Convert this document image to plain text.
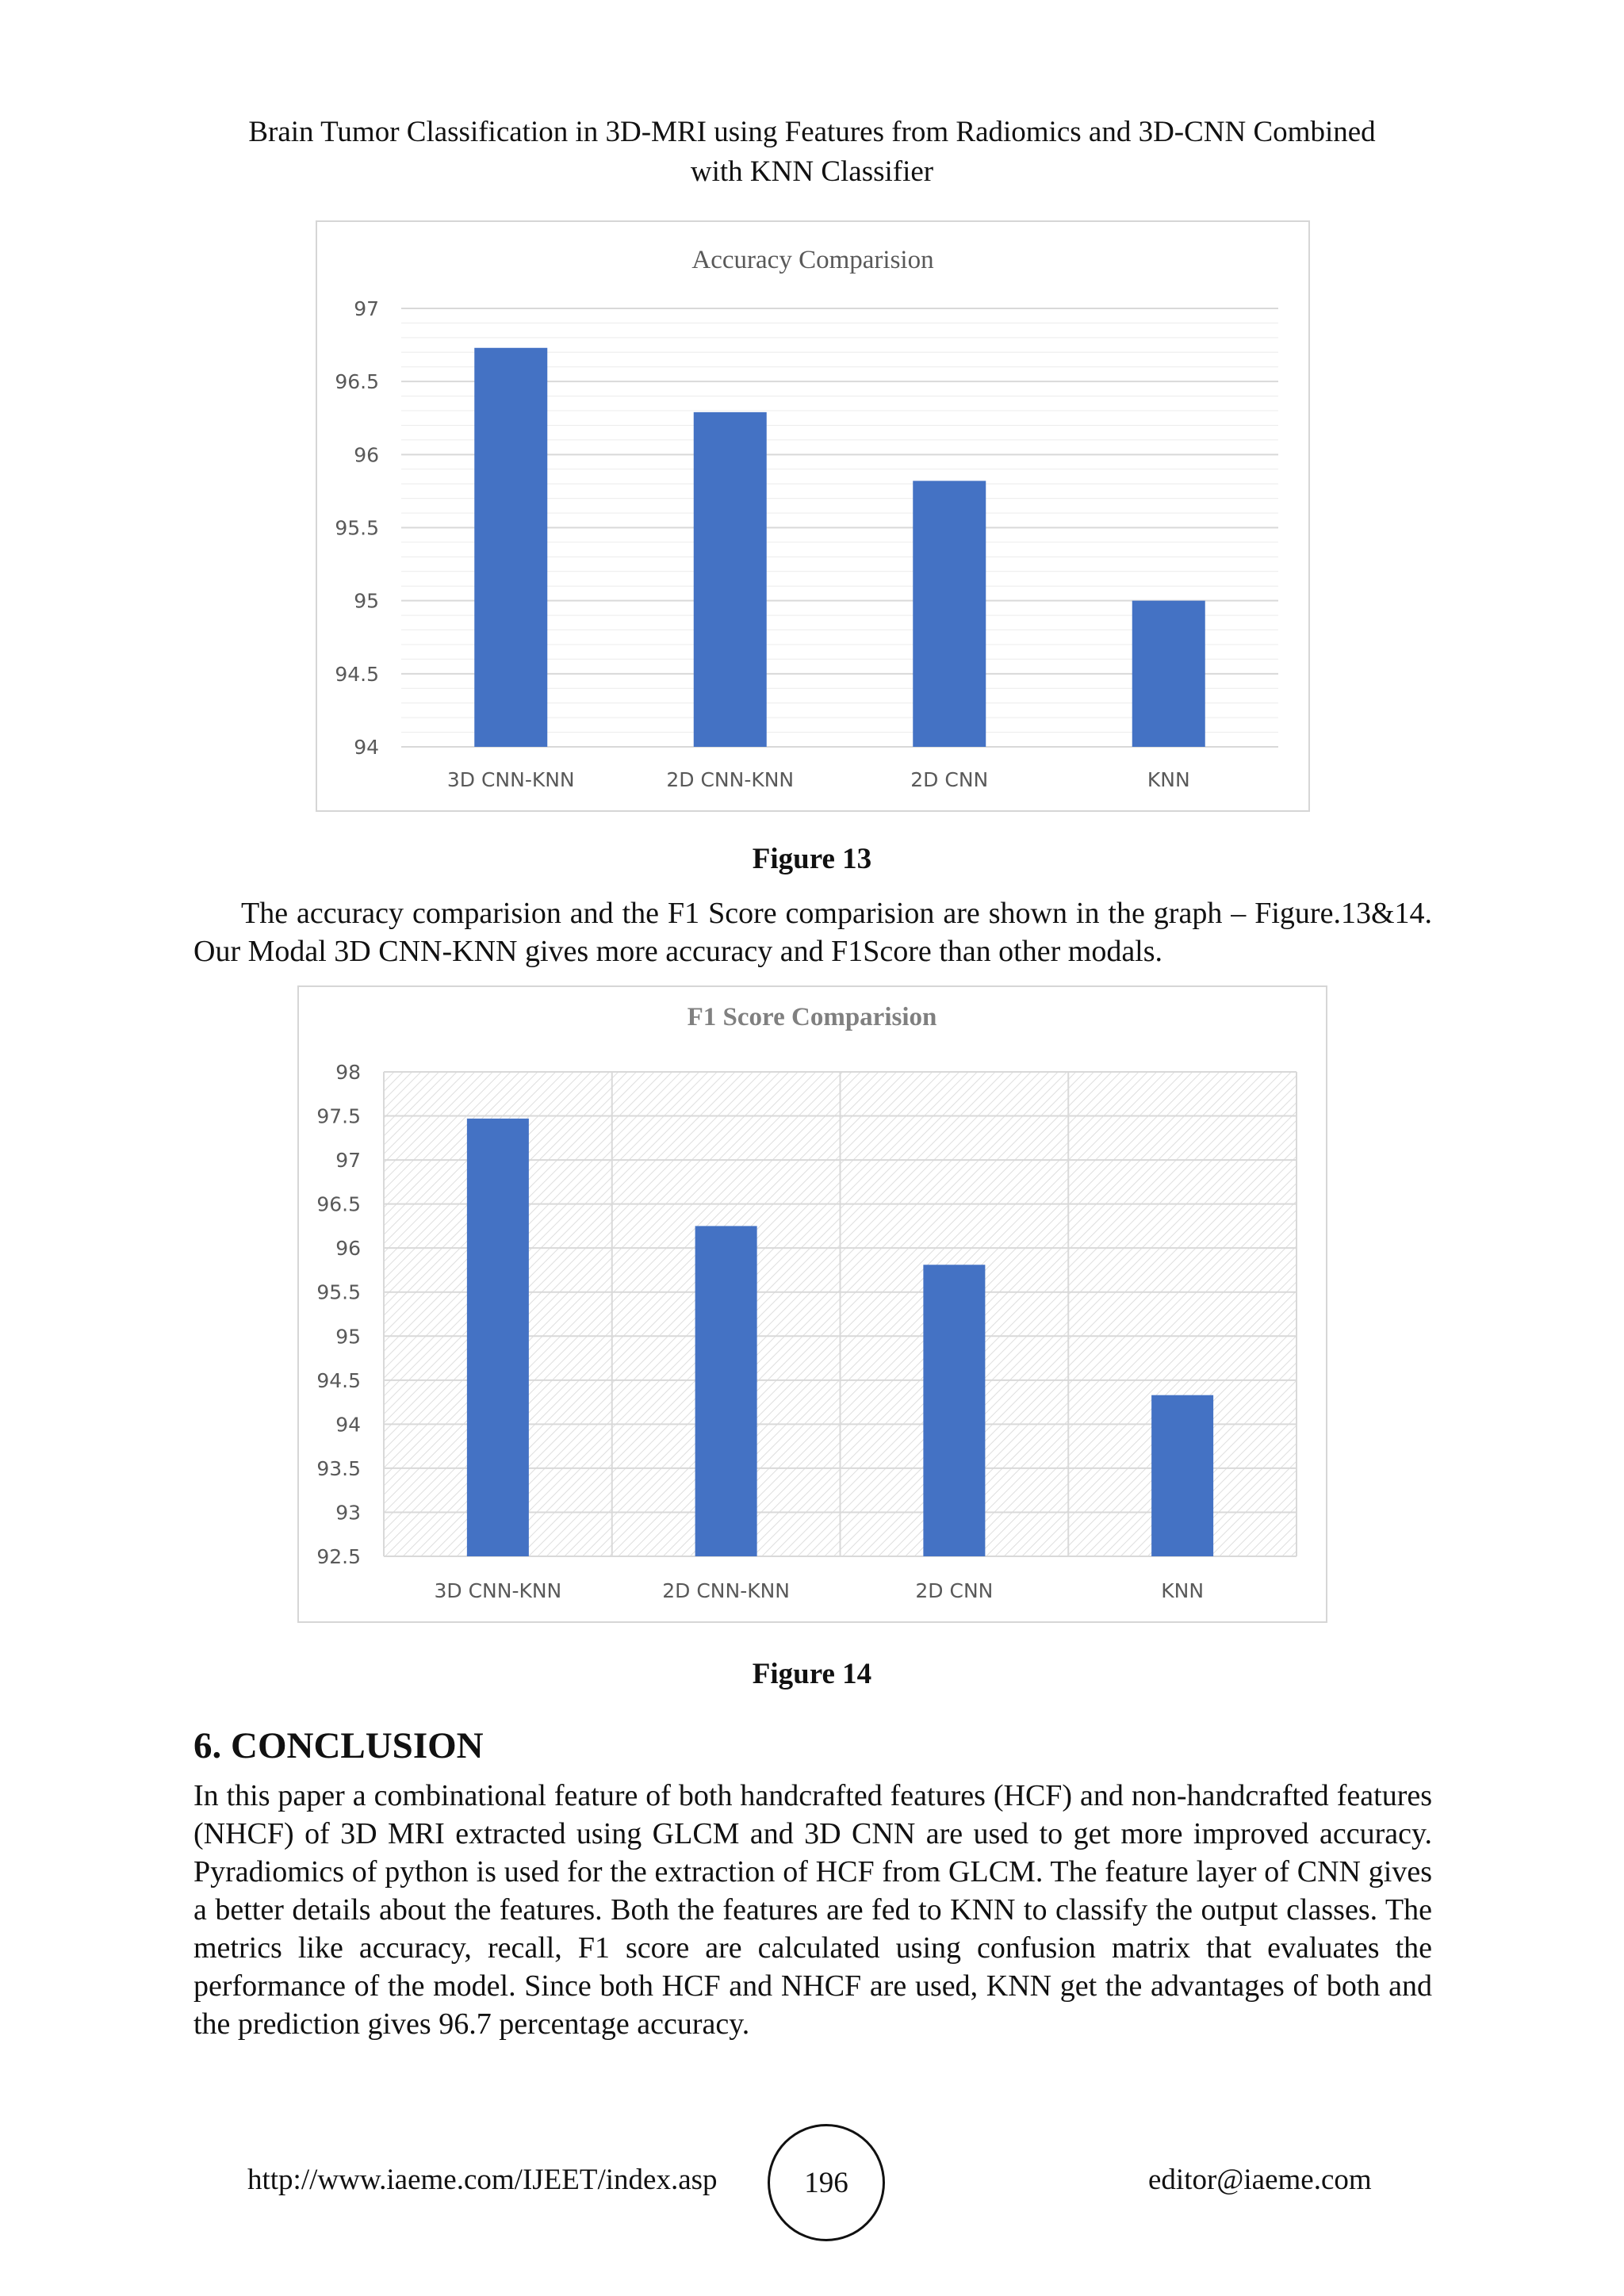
Brain Tumor Classification in 3D-MRI using Features from Radiomics and 3D-CNN Combined
with KNN Classifier
Accuracy Comparision
94
94.5
95
95.5
96
96.5
97
3D CNN-KNN	2D CNN-KNN	2D CNN	KNN
Figure 13

The accuracy comparision and the F1 Score comparision are shown in the graph – Figure.13&14. Our Modal 3D CNN-KNN gives more accuracy and F1Score than other modals.

F1 Score Comparision
92.5
93
93.5
94
94.5
95
95.5
96
96.5
97
97.5
98
3D CNN-KNN	2D CNN-KNN	2D CNN	KNN
Figure 14
6. CONCLUSION

In this paper a combinational feature of both handcrafted features (HCF) and non-handcrafted features (NHCF) of 3D MRI extracted using GLCM and 3D CNN are used to get more improved accuracy. Pyradiomics of python is used for the extraction of HCF from GLCM. The feature layer of CNN gives a better details about the features. Both the features are fed to KNN to classify the output classes. The metrics like accuracy, recall, F1 score are calculated using confusion matrix that evaluates the performance of the model. Since both HCF and NHCF are used, KNN get the advantages of both and the prediction gives 96.7 percentage accuracy.

http://www.iaeme.com/IJEET/index.asp	196	editor@iaeme.com
